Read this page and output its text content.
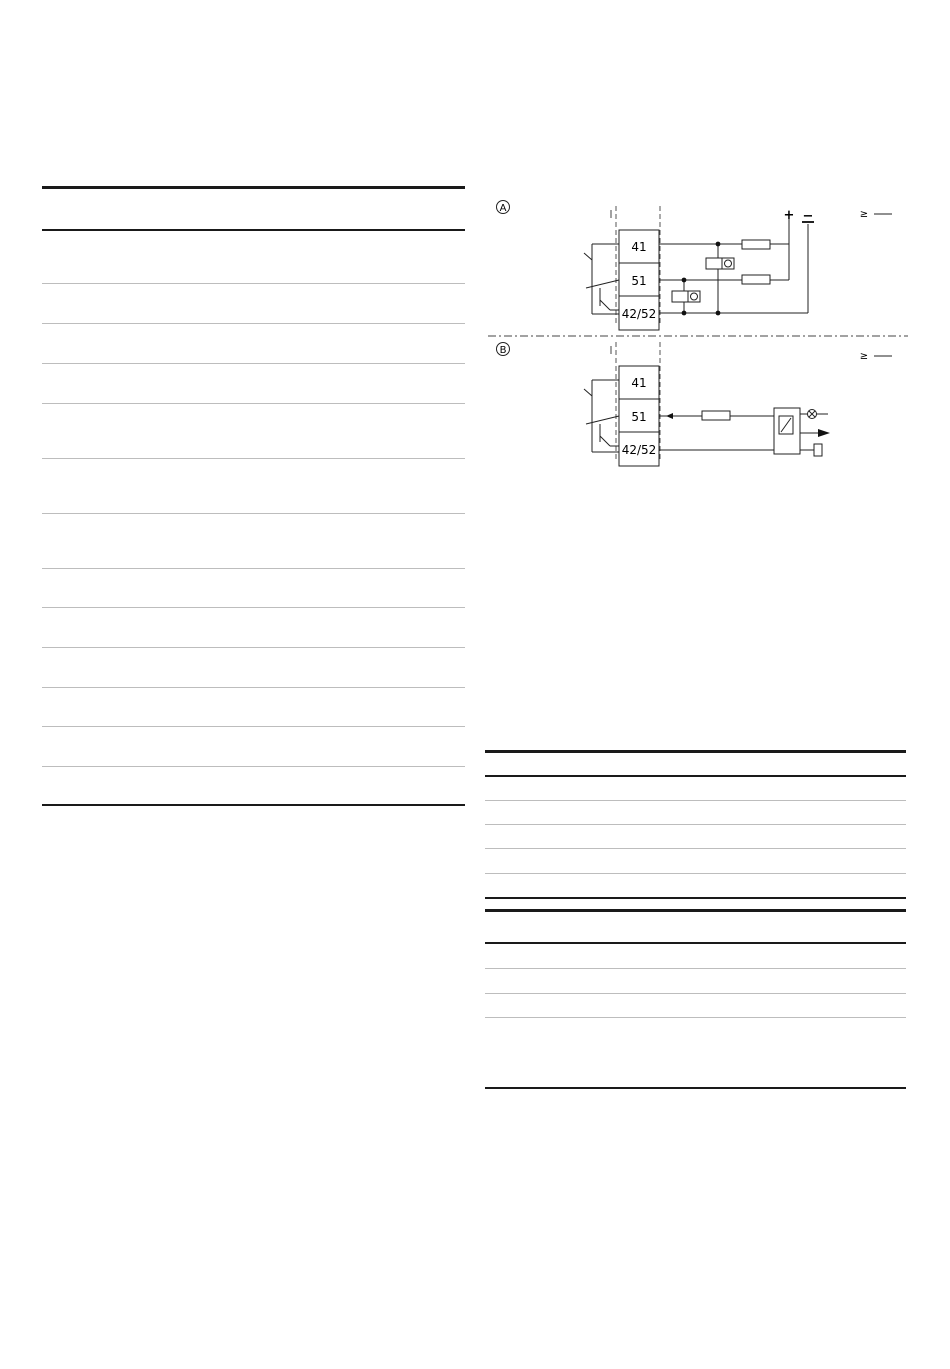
A
B
41
51
42/52
41
51
42/52
+ −	≥
≥
